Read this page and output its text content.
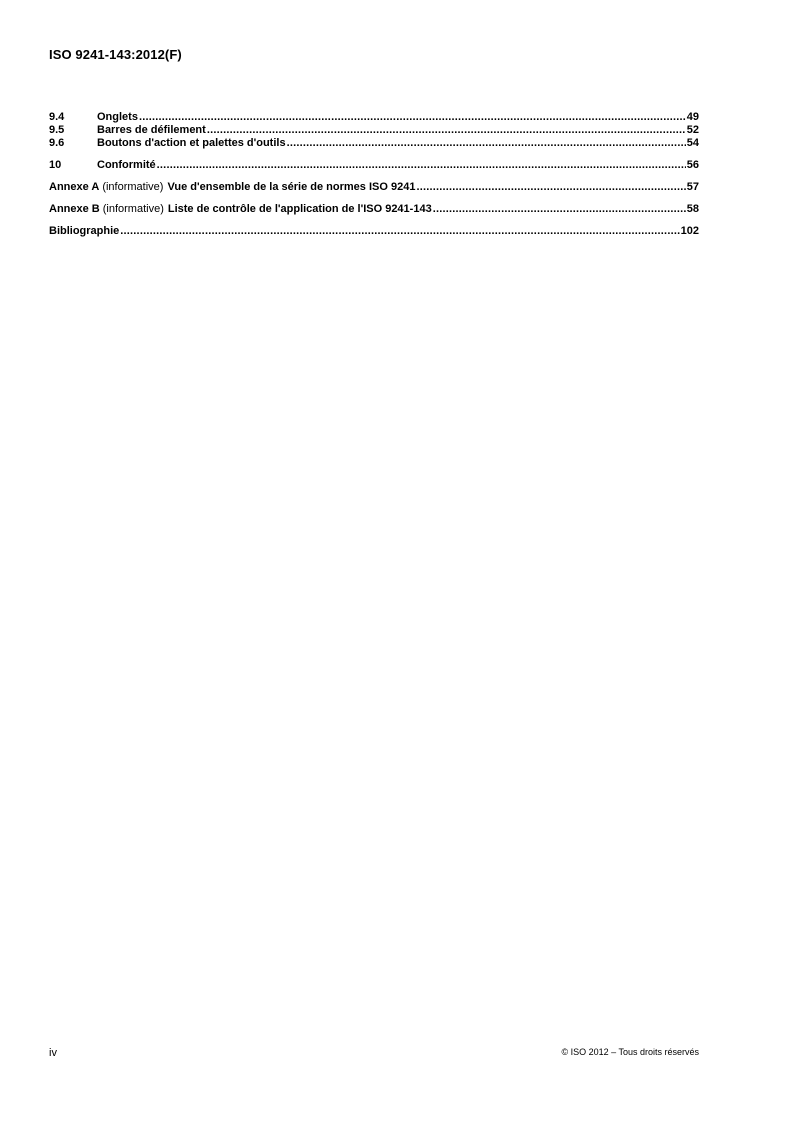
ISO 9241-143:2012(F)
9.4	Onglets .....	49
9.5	Barres de défilement .....	52
9.6	Boutons d'action et palettes d'outils .....	54
10	Conformité .....	56
Annexe A (informative) Vue d'ensemble de la série de normes ISO 9241 .....	57
Annexe B (informative) Liste de contrôle de l'application de l'ISO 9241-143 .....	58
Bibliographie .....	102
iv	© ISO 2012 – Tous droits réservés
